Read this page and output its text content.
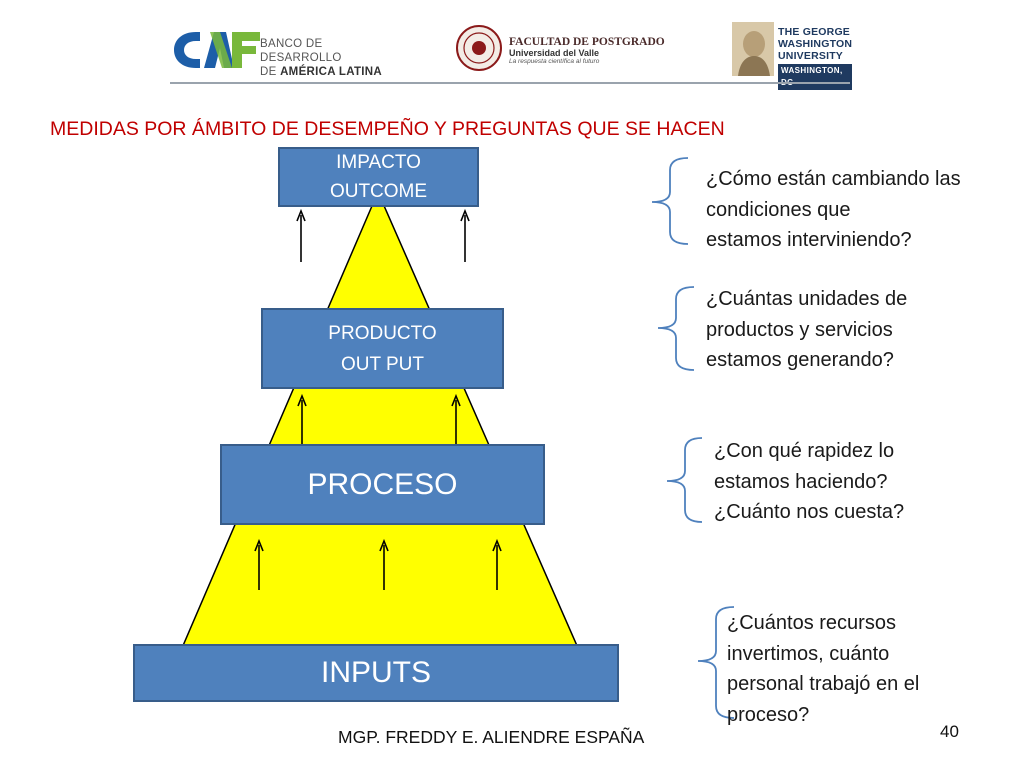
BANCO DE DESARROLLO
DE AMÉRICA LATINA
FACULTAD DE POSTGRADO
Universidad del Valle
La respuesta científica al futuro
THE GEORGE
WASHINGTON
UNIVERSITY
WASHINGTON,
MEDIDAS POR ÁMBITO DE DESEMPEÑO Y PREGUNTAS QUE SE HACEN
IMPACTO
OUTCOME
PRODUCTO
OUT PUT
PROCESO
INPUTS
¿Cómo están cambiando las
condiciones que
estamos interviniendo?
¿Cuántas unidades de
productos y servicios
estamos generando?
¿Con qué rapidez lo
estamos haciendo?
¿Cuánto nos cuesta?
¿Cuántos recursos
invertimos, cuánto
personal trabajó en el
proceso?
MGP. FREDDY E. ALIENDRE ESPAÑA	40
